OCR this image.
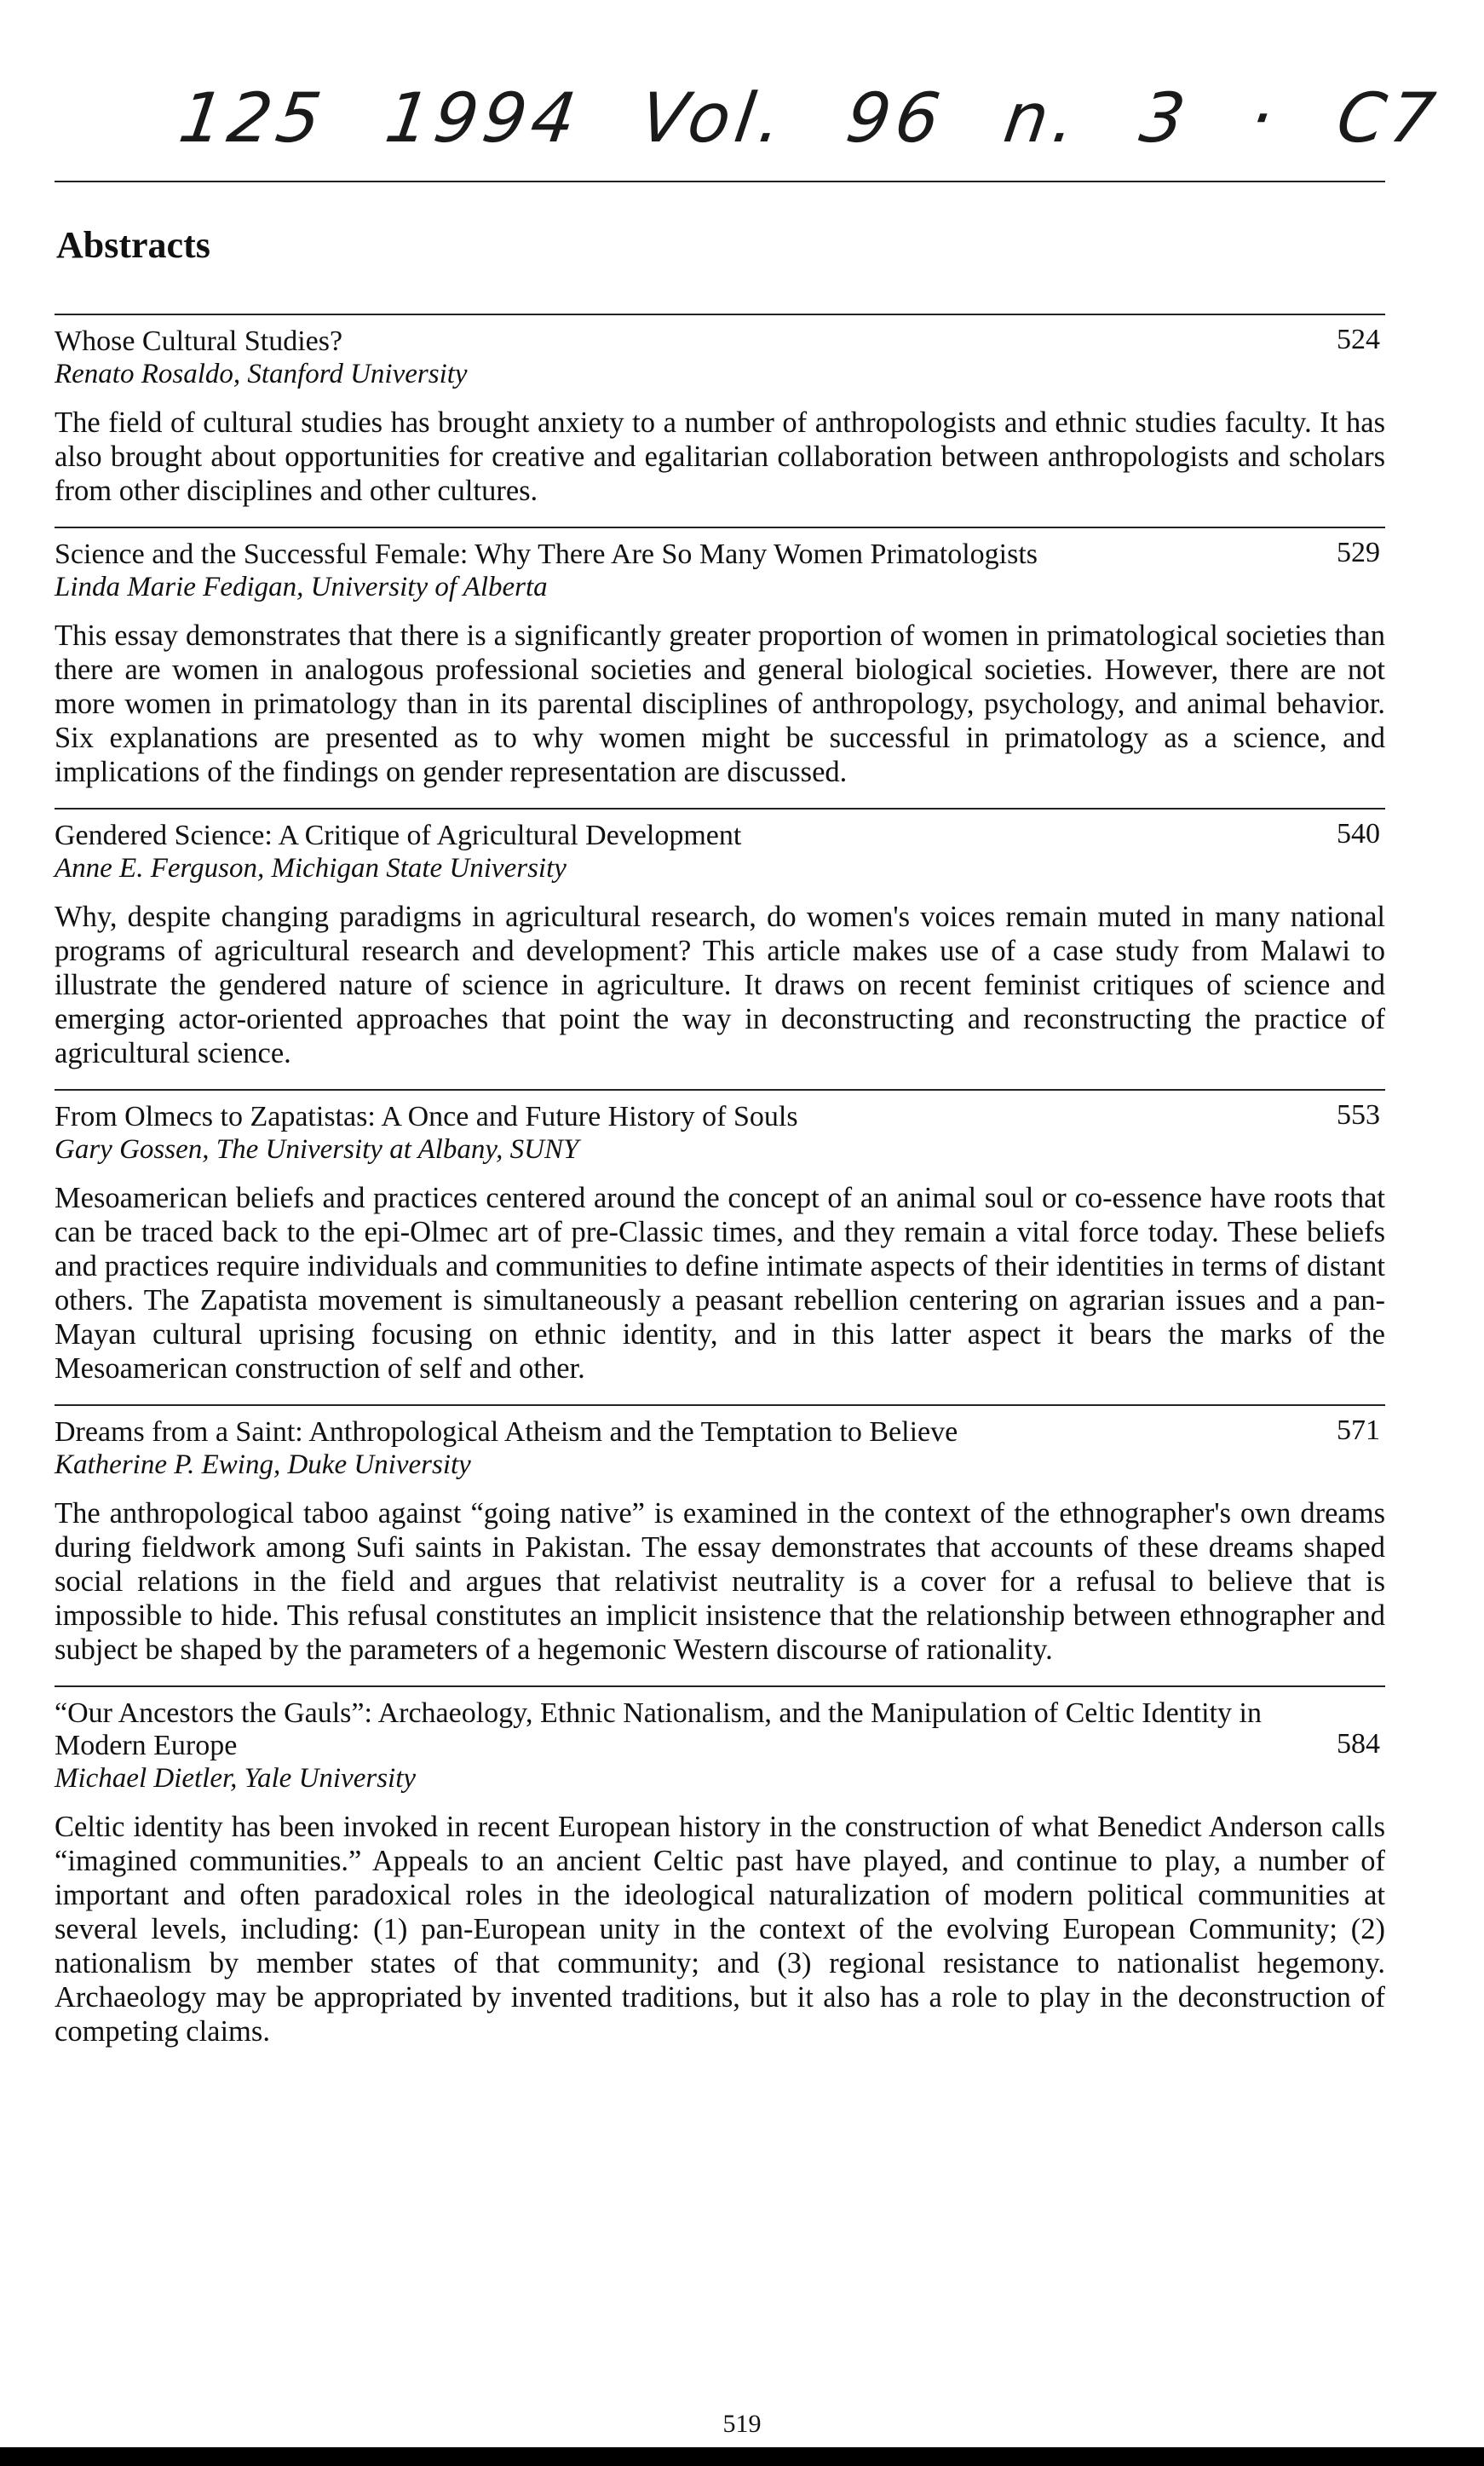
125 1994 Vol. 96 n. 3 · C7
Abstracts
Whose Cultural Studies?	524
Renato Rosaldo, Stanford University

The field of cultural studies has brought anxiety to a number of anthropologists and ethnic studies faculty. It has also brought about opportunities for creative and egalitarian collaboration between anthropologists and scholars from other disciplines and other cultures.

Science and the Successful Female: Why There Are So Many Women Primatologists	529
Linda Marie Fedigan, University of Alberta

This essay demonstrates that there is a significantly greater proportion of women in primatological societies than there are women in analogous professional societies and general biological societies. However, there are not more women in primatology than in its parental disciplines of anthropology, psychology, and animal behavior. Six explanations are presented as to why women might be successful in primatology as a science, and implications of the findings on gender representation are discussed.

Gendered Science: A Critique of Agricultural Development	540
Anne E. Ferguson, Michigan State University

Why, despite changing paradigms in agricultural research, do women's voices remain muted in many national programs of agricultural research and development? This article makes use of a case study from Malawi to illustrate the gendered nature of science in agriculture. It draws on recent feminist critiques of science and emerging actor-oriented approaches that point the way in deconstructing and reconstructing the practice of agricultural science.

From Olmecs to Zapatistas: A Once and Future History of Souls	553
Gary Gossen, The University at Albany, SUNY

Mesoamerican beliefs and practices centered around the concept of an animal soul or co-essence have roots that can be traced back to the epi-Olmec art of pre-Classic times, and they remain a vital force today. These beliefs and practices require individuals and communities to define intimate aspects of their identities in terms of distant others. The Zapatista movement is simultaneously a peasant rebellion centering on agrarian issues and a pan-Mayan cultural uprising focusing on ethnic identity, and in this latter aspect it bears the marks of the Mesoamerican construction of self and other.

Dreams from a Saint: Anthropological Atheism and the Temptation to Believe	571
Katherine P. Ewing, Duke University

The anthropological taboo against “going native” is examined in the context of the ethnographer's own dreams during fieldwork among Sufi saints in Pakistan. The essay demonstrates that accounts of these dreams shaped social relations in the field and argues that relativist neutrality is a cover for a refusal to believe that is impossible to hide. This refusal constitutes an implicit insistence that the relationship between ethnographer and subject be shaped by the parameters of a hegemonic Western discourse of rationality.

“Our Ancestors the Gauls”: Archaeology, Ethnic Nationalism, and the Manipulation of Celtic Identity in Modern Europe	584
Michael Dietler, Yale University

Celtic identity has been invoked in recent European history in the construction of what Benedict Anderson calls “imagined communities.” Appeals to an ancient Celtic past have played, and continue to play, a number of important and often paradoxical roles in the ideological naturalization of modern political communities at several levels, including: (1) pan-European unity in the context of the evolving European Community; (2) nationalism by member states of that community; and (3) regional resistance to nationalist hegemony. Archaeology may be appropriated by invented traditions, but it also has a role to play in the deconstruction of competing claims.

519
